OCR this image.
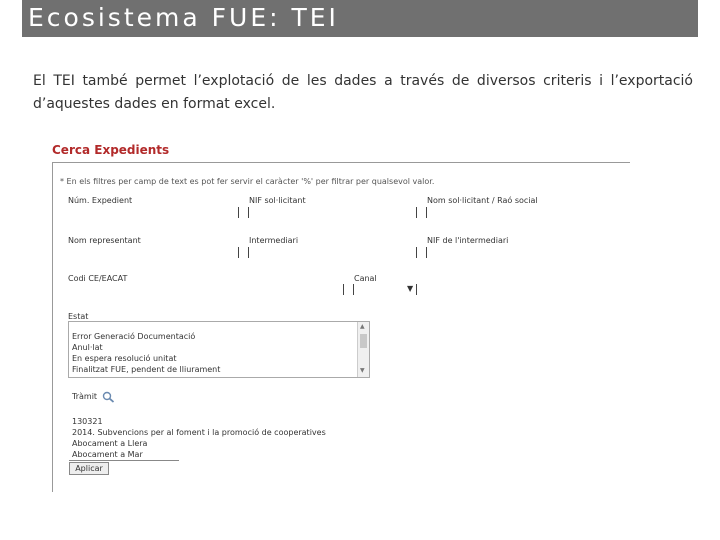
Ecosistema FUE: TEI
El TEI també permet l’explotació de les dades a través de diversos criteris i l’exportació d’aquestes dades en format excel.
Cerca Expedients
* En els filtres per camp de text es pot fer servir el caràcter '%' per filtrar per qualsevol valor.
Núm. Expedient	NIF sol·licitant	Nom sol·licitant / Raó social
Nom representant	Intermediari	NIF de l'intermediari
Codi CE/EACAT	Canal
▼
Estat
Error Generació Documentació
Anul·lat
En espera resolució unitat
Finalitzat FUE, pendent de lliurament
▲
▼
Tràmit
130321
2014. Subvencions per al foment i la promoció de cooperatives
Abocament a Llera
Abocament a Mar
Aplicar
